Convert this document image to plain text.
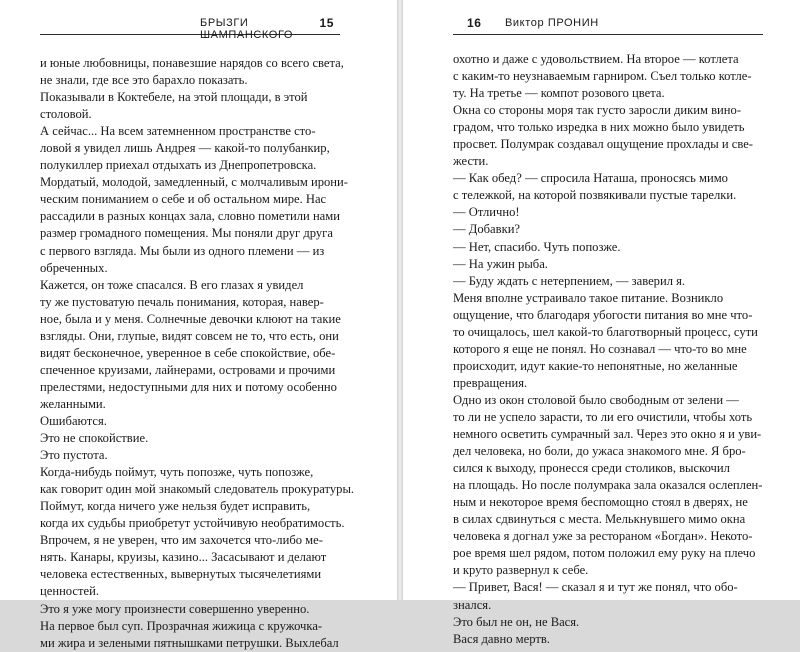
БРЫЗГИ ШАМПАНСКОГО
15
и юные любовницы, понавезшие нарядов со всего света,
не знали, где все это барахло показать.
Показывали в Коктебеле, на этой площади, в этой
столовой.
А сейчас... На всем затемненном пространстве сто-
ловой я увидел лишь Андрея — какой-то полубанкир,
полукиллер приехал отдыхать из Днепропетровска.
Мордатый, молодой, замедленный, с молчаливым ирони-
ческим пониманием о себе и об остальном мире. Нас
рассадили в разных концах зала, словно пометили нами
размер громадного помещения. Мы поняли друг друга
с первого взгляда. Мы были из одного племени — из
обреченных.
Кажется, он тоже спасался. В его глазах я увидел
ту же пустоватую печаль понимания, которая, навер-
ное, была и у меня. Солнечные девочки клюют на такие
взгляды. Они, глупые, видят совсем не то, что есть, они
видят бесконечное, уверенное в себе спокойствие, обе-
спеченное круизами, лайнерами, островами и прочими
прелестями, недоступными для них и потому особенно
желанными.
Ошибаются.
Это не спокойствие.
Это пустота.
Когда-нибудь поймут, чуть попозже, чуть попозже,
как говорит один мой знакомый следователь прокуратуры.
Поймут, когда ничего уже нельзя будет исправить,
когда их судьбы приобретут устойчивую необратимость.
Впрочем, я не уверен, что им захочется что-либо ме-
нять. Канары, круизы, казино... Засасывают и делают
человека естественных, вывернутых тысячелетиями
ценностей.
Это я уже могу произнести совершенно уверенно.
На первое был суп. Прозрачная жижица с кружочка-
ми жира и зелеными пятнышками петрушки. Выхлебал
16 Виктор ПРОНИН
охотно и даже с удовольствием. На второе — котлета
с каким-то неузнаваемым гарниром. Съел только котле-
ту. На третье — компот розового цвета.
Окна со стороны моря так густо заросли диким вино-
градом, что только изредка в них можно было увидеть
просвет. Полумрак создавал ощущение прохлады и све-
жести.
— Как обед? — спросила Наташа, проносясь мимо
с тележкой, на которой позвякивали пустые тарелки.
— Отлично!
— Добавки?
— Нет, спасибо. Чуть попозже.
— На ужин рыба.
— Буду ждать с нетерпением, — заверил я.
Меня вполне устраивало такое питание. Возникло
ощущение, что благодаря убогости питания во мне что-
то очищалось, шел какой-то благотворный процесс, сути
которого я еще не понял. Но сознавал — что-то во мне
происходит, идут какие-то непонятные, но желанные
превращения.
Одно из окон столовой было свободным от зелени —
то ли не успело зарасти, то ли его очистили, чтобы хоть
немного осветить сумрачный зал. Через это окно я и уви-
дел человека, но боли, до ужаса знакомого мне. Я бро-
сился к выходу, пронесся среди столиков, выскочил
на площадь. Но после полумрака зала оказался ослеплен-
ным и некоторое время беспомощно стоял в дверях, не
в силах сдвинуться с места. Мелькнувшего мимо окна
человека я догнал уже за рестораном «Богдан». Некото-
рое время шел рядом, потом положил ему руку на плечо
и круто развернул к себе.
— Привет, Вася! — сказал я и тут же понял, что обо-
знался.
Это был не он, не Вася.
Вася давно мертв.
